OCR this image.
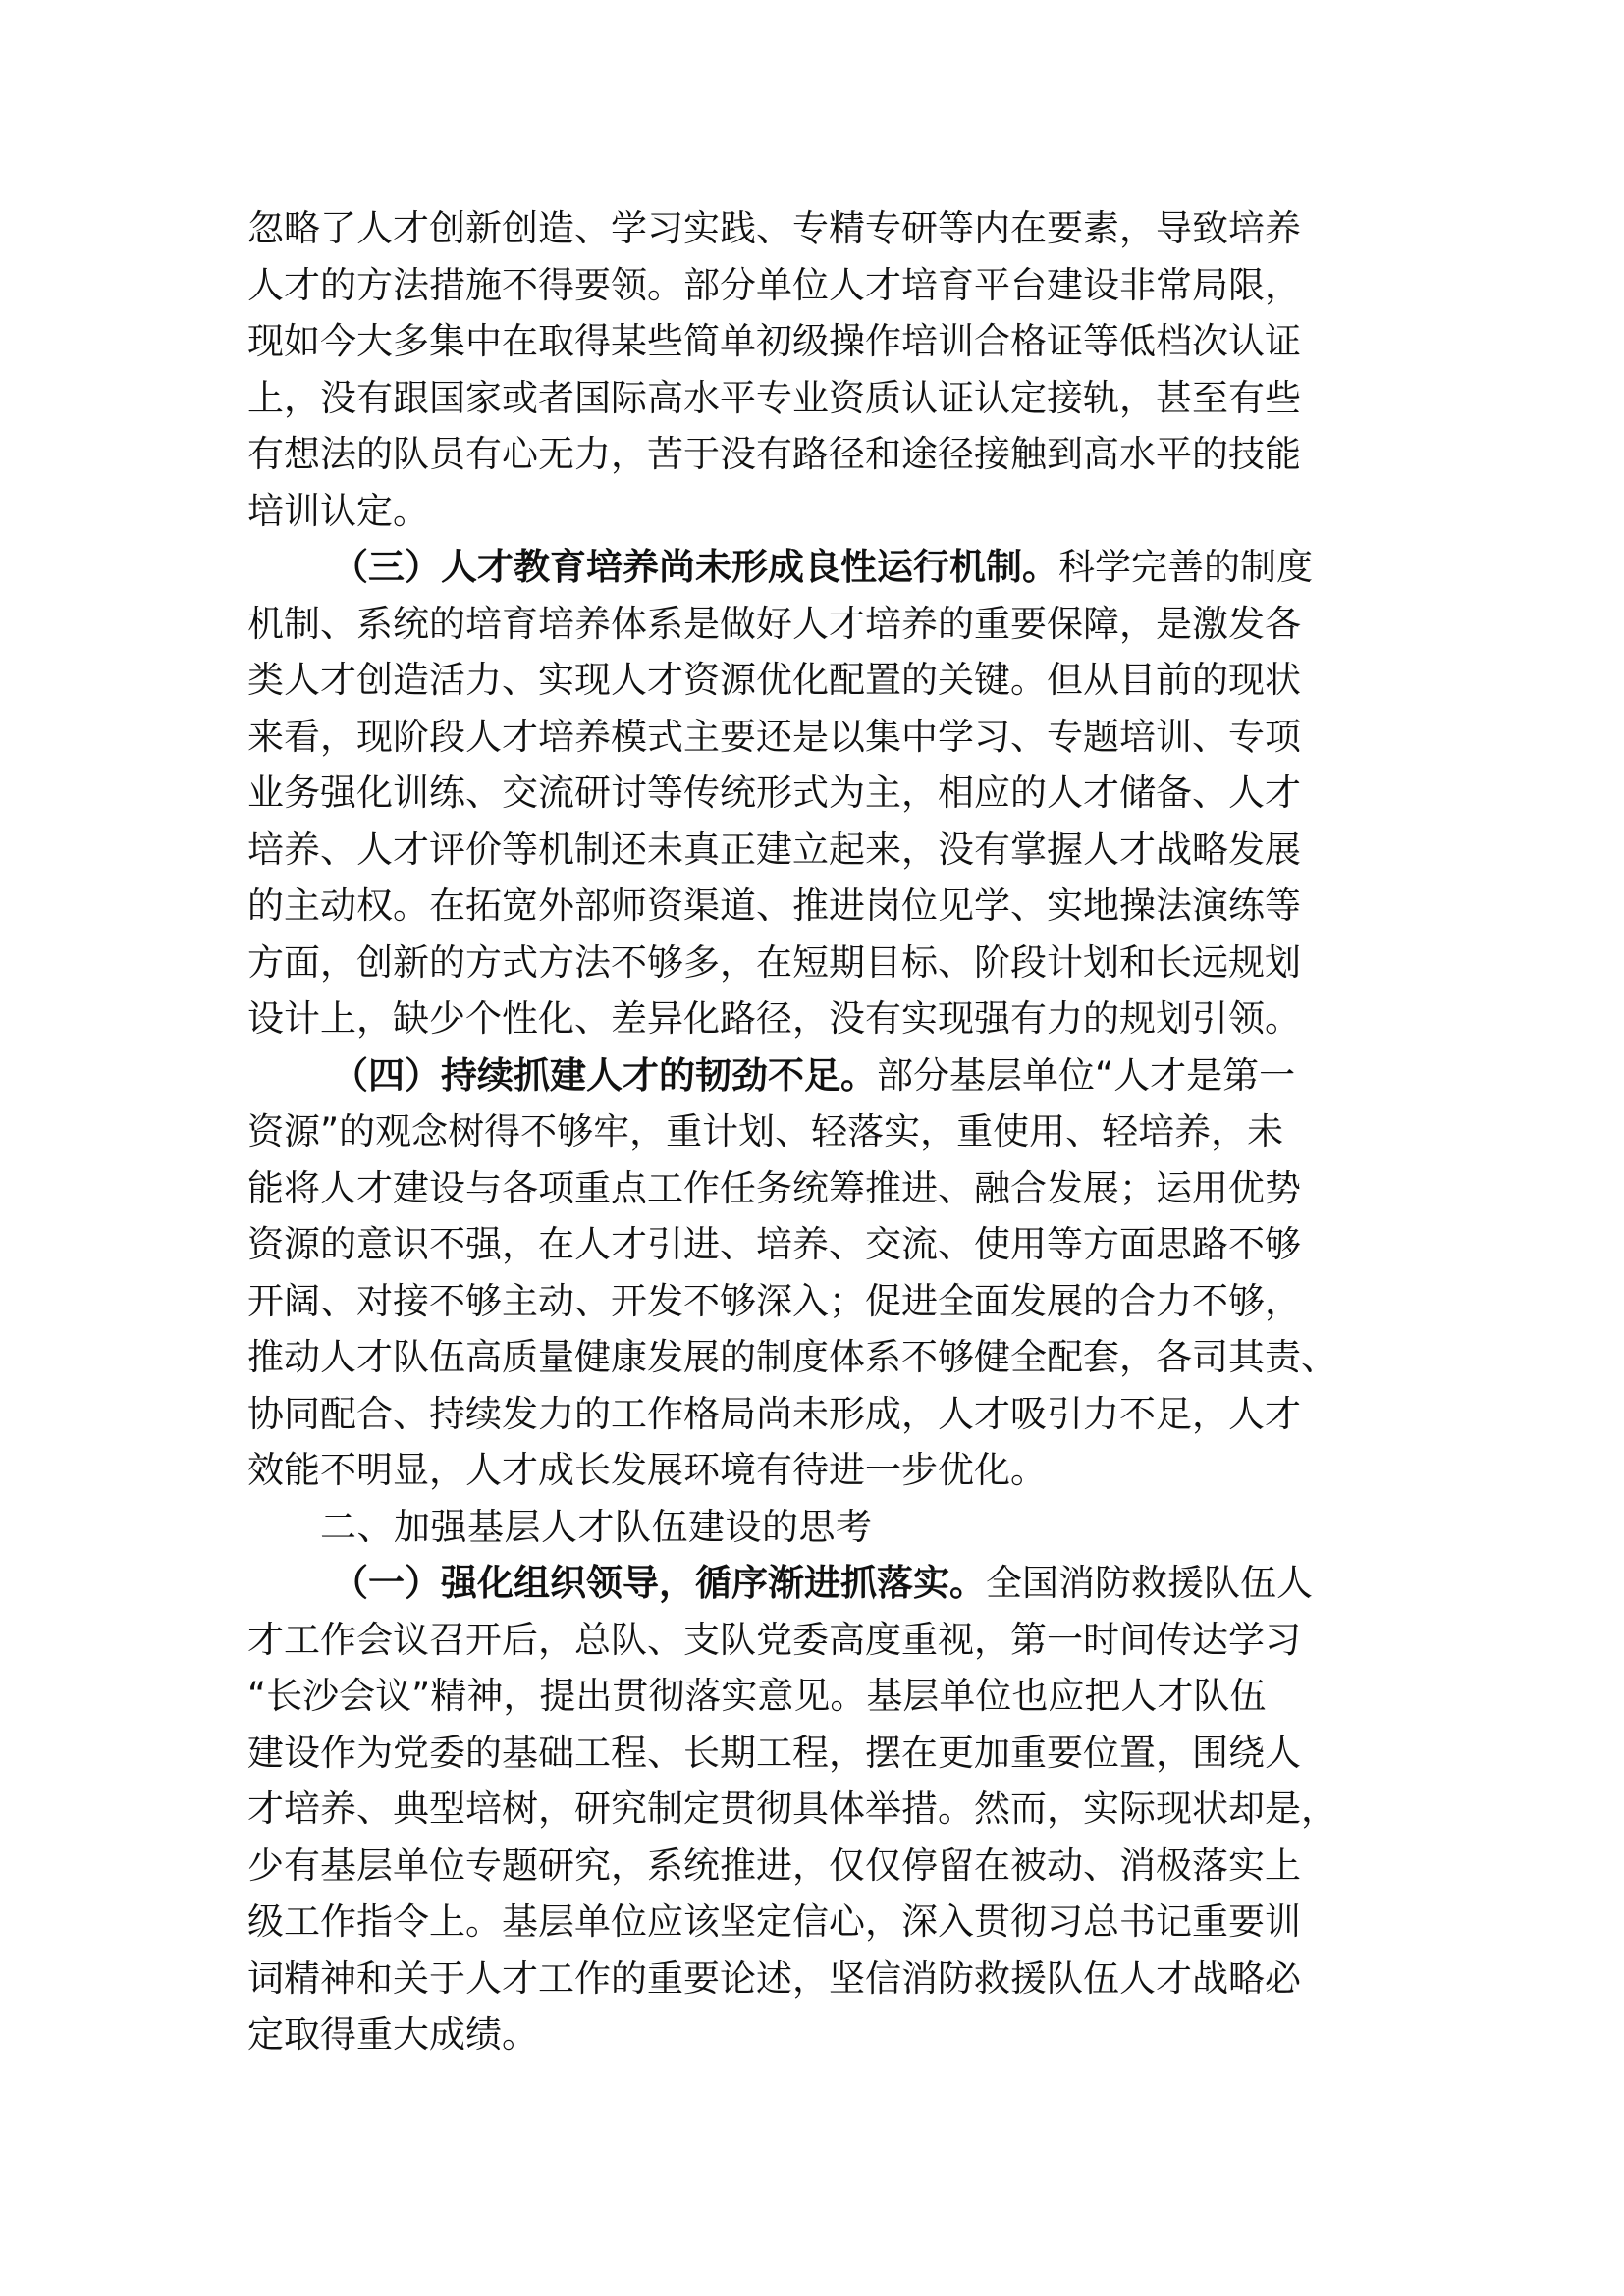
忽略了人才创新创造、学习实践、专精专研等内在要素，导致培养
人才的方法措施不得要领。部分单位人才培育平台建设非常局限，
现如今大多集中在取得某些简单初级操作培训合格证等低档次认证
上，没有跟国家或者国际高水平专业资质认证认定接轨，甚至有些
有想法的队员有心无力，苦于没有路径和途径接触到高水平的技能
培训认定。
（三）人才教育培养尚未形成良性运行机制。科学完善的制度
机制、系统的培育培养体系是做好人才培养的重要保障，是激发各
类人才创造活力、实现人才资源优化配置的关键。但从目前的现状
来看，现阶段人才培养模式主要还是以集中学习、专题培训、专项
业务强化训练、交流研讨等传统形式为主，相应的人才储备、人才
培养、人才评价等机制还未真正建立起来，没有掌握人才战略发展
的主动权。在拓宽外部师资渠道、推进岗位见学、实地操法演练等
方面，创新的方式方法不够多，在短期目标、阶段计划和长远规划
设计上，缺少个性化、差异化路径，没有实现强有力的规划引领。
（四）持续抓建人才的韧劲不足。部分基层单位“人才是第一
资源”的观念树得不够牢，重计划、轻落实，重使用、轻培养，未
能将人才建设与各项重点工作任务统筹推进、融合发展；运用优势
资源的意识不强，在人才引进、培养、交流、使用等方面思路不够
开阔、对接不够主动、开发不够深入；促进全面发展的合力不够，
推动人才队伍高质量健康发展的制度体系不够健全配套，各司其责、
协同配合、持续发力的工作格局尚未形成，人才吸引力不足，人才
效能不明显，人才成长发展环境有待进一步优化。
二、加强基层人才队伍建设的思考
（一）强化组织领导，循序渐进抓落实。全国消防救援队伍人
才工作会议召开后，总队、支队党委高度重视，第一时间传达学习
“长沙会议”精神，提出贯彻落实意见。基层单位也应把人才队伍
建设作为党委的基础工程、长期工程，摆在更加重要位置，围绕人
才培养、典型培树，研究制定贯彻具体举措。然而，实际现状却是，
少有基层单位专题研究，系统推进，仅仅停留在被动、消极落实上
级工作指令上。基层单位应该坚定信心，深入贯彻习总书记重要训
词精神和关于人才工作的重要论述，坚信消防救援队伍人才战略必
定取得重大成绩。
